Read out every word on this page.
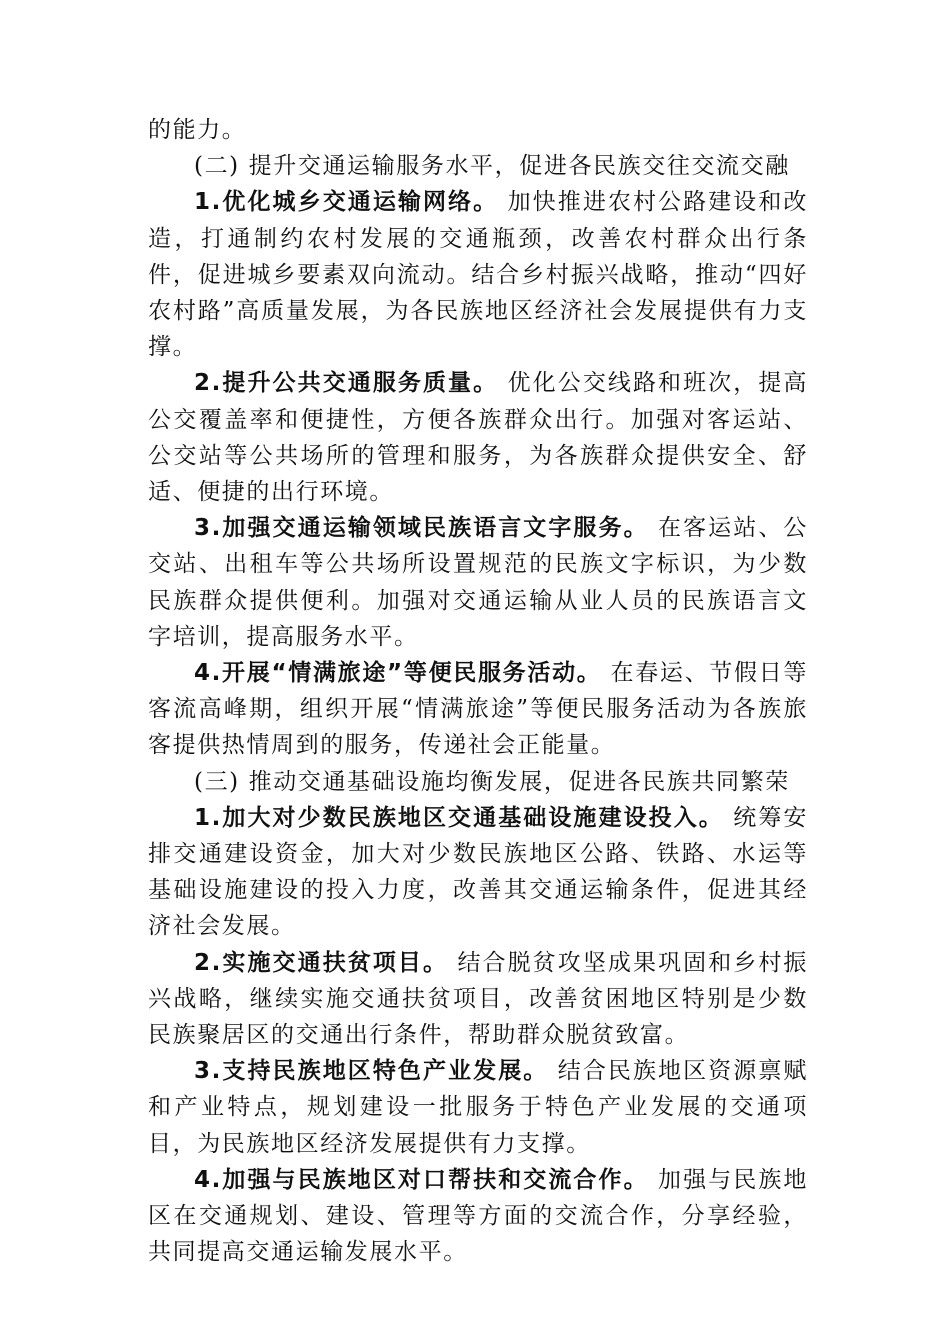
的能力。

(二) 提升交通运输服务水平，促进各民族交往交流交融

1.优化城乡交通运输网络。 加快推进农村公路建设和改造，打通制约农村发展的交通瓶颈，改善农村群众出行条件，促进城乡要素双向流动。结合乡村振兴战略，推动“四好农村路”高质量发展，为各民族地区经济社会发展提供有力支撑。

2.提升公共交通服务质量。 优化公交线路和班次，提高公交覆盖率和便捷性，方便各族群众出行。加强对客运站、公交站等公共场所的管理和服务，为各族群众提供安全、舒适、便捷的出行环境。

3.加强交通运输领域民族语言文字服务。 在客运站、公交站、出租车等公共场所设置规范的民族文字标识，为少数民族群众提供便利。加强对交通运输从业人员的民族语言文字培训，提高服务水平。

4.开展“情满旅途”等便民服务活动。 在春运、节假日等客流高峰期，组织开展“情满旅途”等便民服务活动为各族旅客提供热情周到的服务，传递社会正能量。

(三) 推动交通基础设施均衡发展，促进各民族共同繁荣

1.加大对少数民族地区交通基础设施建设投入。 统筹安排交通建设资金，加大对少数民族地区公路、铁路、水运等基础设施建设的投入力度，改善其交通运输条件，促进其经济社会发展。

2.实施交通扶贫项目。 结合脱贫攻坚成果巩固和乡村振兴战略，继续实施交通扶贫项目，改善贫困地区特别是少数民族聚居区的交通出行条件，帮助群众脱贫致富。

3.支持民族地区特色产业发展。 结合民族地区资源禀赋和产业特点，规划建设一批服务于特色产业发展的交通项目，为民族地区经济发展提供有力支撑。

4.加强与民族地区对口帮扶和交流合作。 加强与民族地区在交通规划、建设、管理等方面的交流合作，分享经验，共同提高交通运输发展水平。
